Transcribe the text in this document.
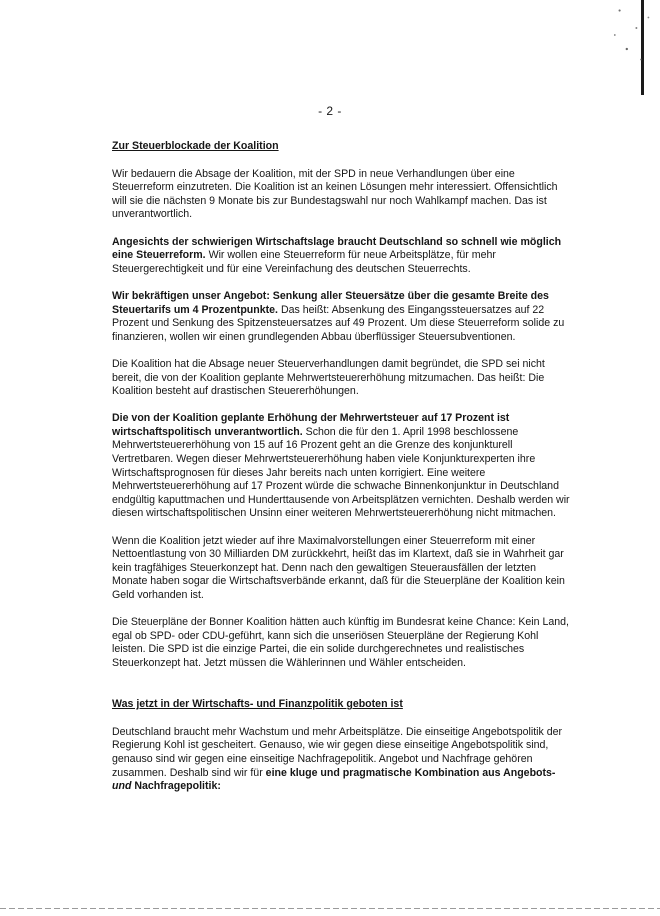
- 2 -
Zur Steuerblockade der Koalition

Wir bedauern die Absage der Koalition, mit der SPD in neue Verhandlungen über eine Steuerreform einzutreten. Die Koalition ist an keinen Lösungen mehr interessiert. Offensichtlich will sie die nächsten 9 Monate bis zur Bundestagswahl nur noch Wahlkampf machen. Das ist unverantwortlich.

Angesichts der schwierigen Wirtschaftslage braucht Deutschland so schnell wie möglich eine Steuerreform. Wir wollen eine Steuerreform für neue Arbeitsplätze, für mehr Steuergerechtigkeit und für eine Vereinfachung des deutschen Steuerrechts.

Wir bekräftigen unser Angebot: Senkung aller Steuersätze über die gesamte Breite des Steuertarifs um 4 Prozentpunkte. Das heißt: Absenkung des Eingangssteuersatzes auf 22 Prozent und Senkung des Spitzensteuersatzes auf 49 Prozent. Um diese Steuerreform solide zu finanzieren, wollen wir einen grundlegenden Abbau überflüssiger Steuersubventionen.

Die Koalition hat die Absage neuer Steuerverhandlungen damit begründet, die SPD sei nicht bereit, die von der Koalition geplante Mehrwertsteuererhöhung mitzumachen. Das heißt: Die Koalition besteht auf drastischen Steuererhöhungen.

Die von der Koalition geplante Erhöhung der Mehrwertsteuer auf 17 Prozent ist wirtschaftspolitisch unverantwortlich. Schon die für den 1. April 1998 beschlossene Mehrwertsteuererhöhung von 15 auf 16 Prozent geht an die Grenze des konjunkturell Vertretbaren. Wegen dieser Mehrwertsteuererhöhung haben viele Konjunkturexperten ihre Wirtschaftsprognosen für dieses Jahr bereits nach unten korrigiert. Eine weitere Mehrwertsteuererhöhung auf 17 Prozent würde die schwache Binnenkonjunktur in Deutschland endgültig kaputtmachen und Hunderttausende von Arbeitsplätzen vernichten. Deshalb werden wir diesen wirtschaftspolitischen Unsinn einer weiteren Mehrwertsteuererhöhung nicht mitmachen.

Wenn die Koalition jetzt wieder auf ihre Maximalvorstellungen einer Steuerreform mit einer Nettoentlastung von 30 Milliarden DM zurückkehrt, heißt das im Klartext, daß sie in Wahrheit gar kein tragfähiges Steuerkonzept hat. Denn nach den gewaltigen Steuerausfällen der letzten Monate haben sogar die Wirtschaftsverbände erkannt, daß für die Steuerpläne der Koalition kein Geld vorhanden ist.

Die Steuerpläne der Bonner Koalition hätten auch künftig im Bundesrat keine Chance: Kein Land, egal ob SPD- oder CDU-geführt, kann sich die unseriösen Steuerpläne der Regierung Kohl leisten. Die SPD ist die einzige Partei, die ein solide durchgerechnetes und realistisches Steuerkonzept hat. Jetzt müssen die Wählerinnen und Wähler entscheiden.

Was jetzt in der Wirtschafts- und Finanzpolitik geboten ist

Deutschland braucht mehr Wachstum und mehr Arbeitsplätze. Die einseitige Angebotspolitik der Regierung Kohl ist gescheitert. Genauso, wie wir gegen diese einseitige Angebotspolitik sind, genauso sind wir gegen eine einseitige Nachfragepolitik. Angebot und Nachfrage gehören zusammen. Deshalb sind wir für eine kluge und pragmatische Kombination aus Angebots- und Nachfragepolitik:
